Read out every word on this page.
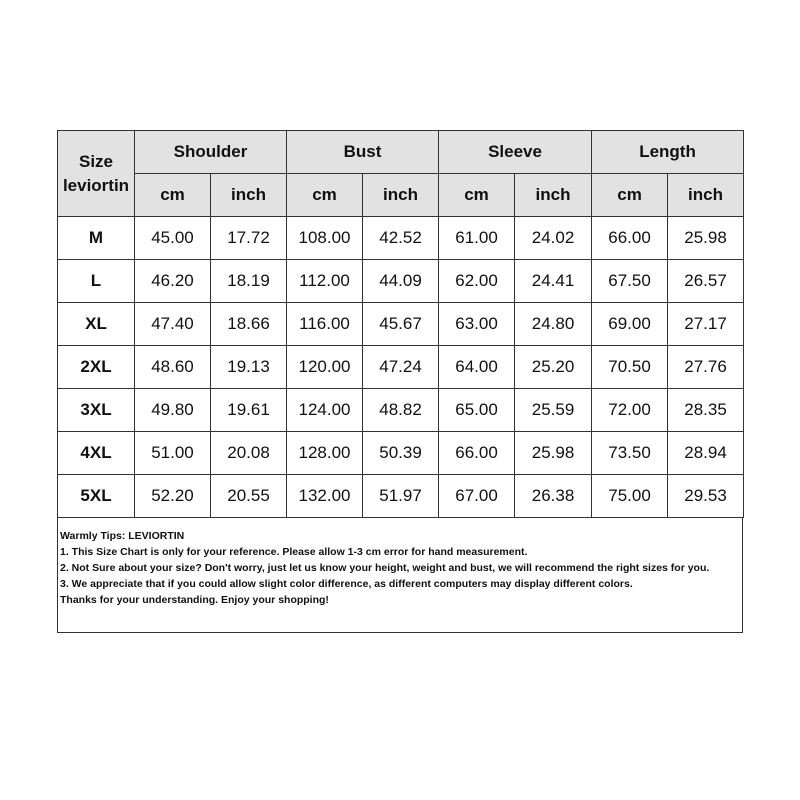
Size
leviortin	Shoulder		Bust		Sleeve		Length	
	cm	inch	cm	inch	cm	inch	cm	inch
M	45.00	17.72	108.00	42.52	61.00	24.02	66.00	25.98
L	46.20	18.19	112.00	44.09	62.00	24.41	67.50	26.57
XL	47.40	18.66	116.00	45.67	63.00	24.80	69.00	27.17
2XL	48.60	19.13	120.00	47.24	64.00	25.20	70.50	27.76
3XL	49.80	19.61	124.00	48.82	65.00	25.59	72.00	28.35
4XL	51.00	20.08	128.00	50.39	66.00	25.98	73.50	28.94
5XL	52.20	20.55	132.00	51.97	67.00	26.38	75.00	29.53
Warmly Tips: LEVIORTIN
1. This Size Chart is only for your reference. Please allow 1-3 cm error for hand measurement.
2. Not Sure about your size? Don't worry, just let us know your height, weight and bust, we will recommend the right sizes for you.
3. We appreciate that if you could allow slight color difference, as different computers may display different colors.
Thanks for your understanding. Enjoy your shopping!
